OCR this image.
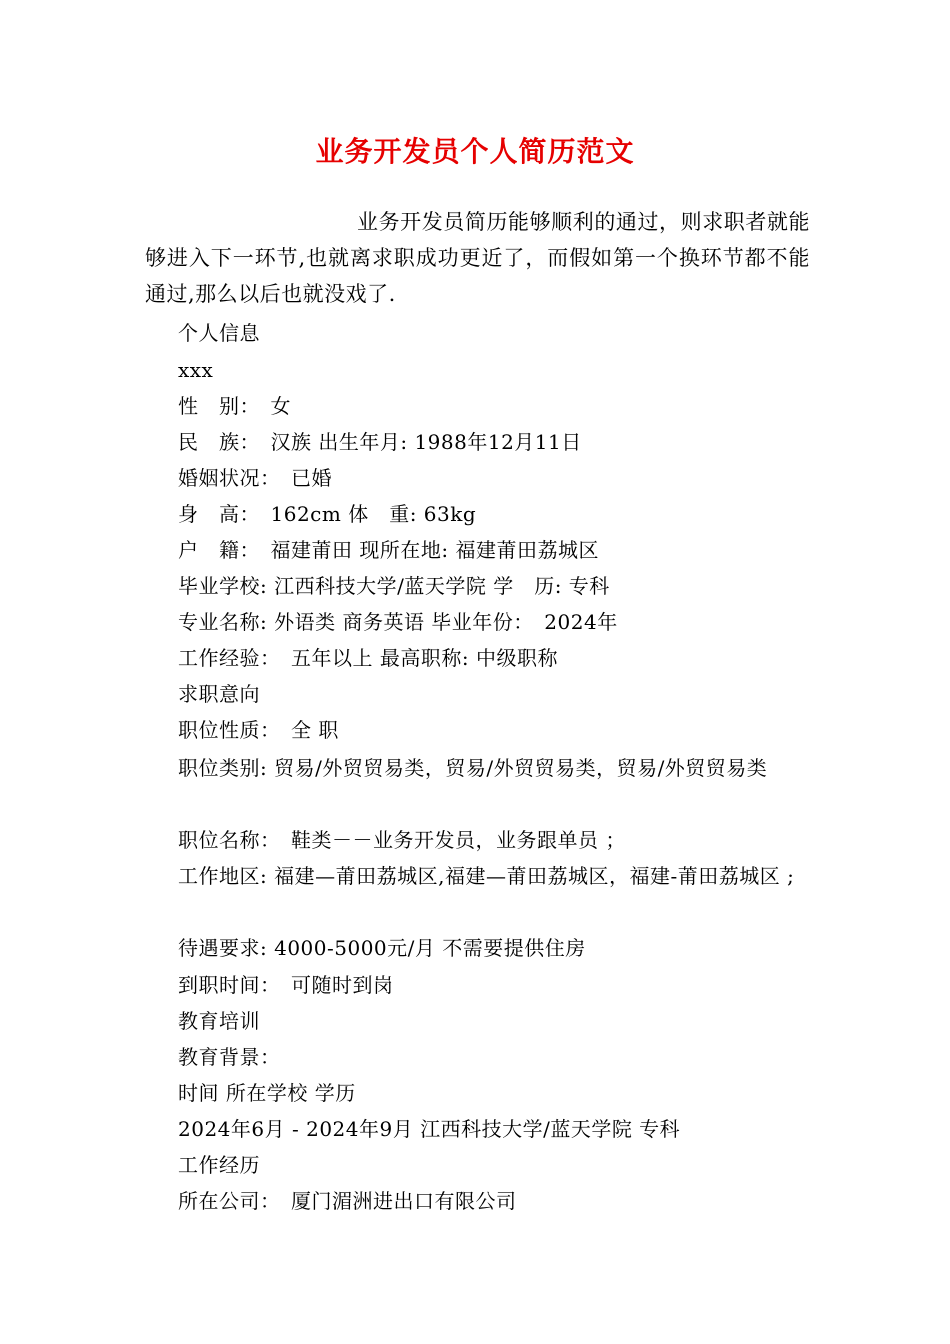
业务开发员个人简历范文
业务开发员简历能够顺利的通过，则求职者就能够进入下一环节,也就离求职成功更近了，而假如第一个换环节都不能通过,那么以后也就没戏了.
个人信息
xxx
性　别：　女
民　族：　汉族 出生年月: 1988年12月11日
婚姻状况：　已婚
身　高：　162cm 体　重: 63kg
户　籍：　福建莆田 现所在地: 福建莆田荔城区
毕业学校: 江西科技大学/蓝天学院 学　历: 专科
专业名称: 外语类 商务英语 毕业年份：　2024年
工作经验：　五年以上 最高职称: 中级职称
求职意向
职位性质：　全 职
职位类别: 贸易/外贸贸易类，贸易/外贸贸易类，贸易/外贸贸易类
职位名称：　鞋类－－业务开发员，业务跟单员 ；
工作地区: 福建—莆田荔城区,福建—莆田荔城区，福建-莆田荔城区 ;
待遇要求: 4000-5000元/月 不需要提供住房
到职时间：　可随时到岗
教育培训
教育背景：
时间 所在学校 学历
2024年6月 - 2024年9月 江西科技大学/蓝天学院 专科
工作经历
所在公司：　厦门湄洲进出口有限公司
